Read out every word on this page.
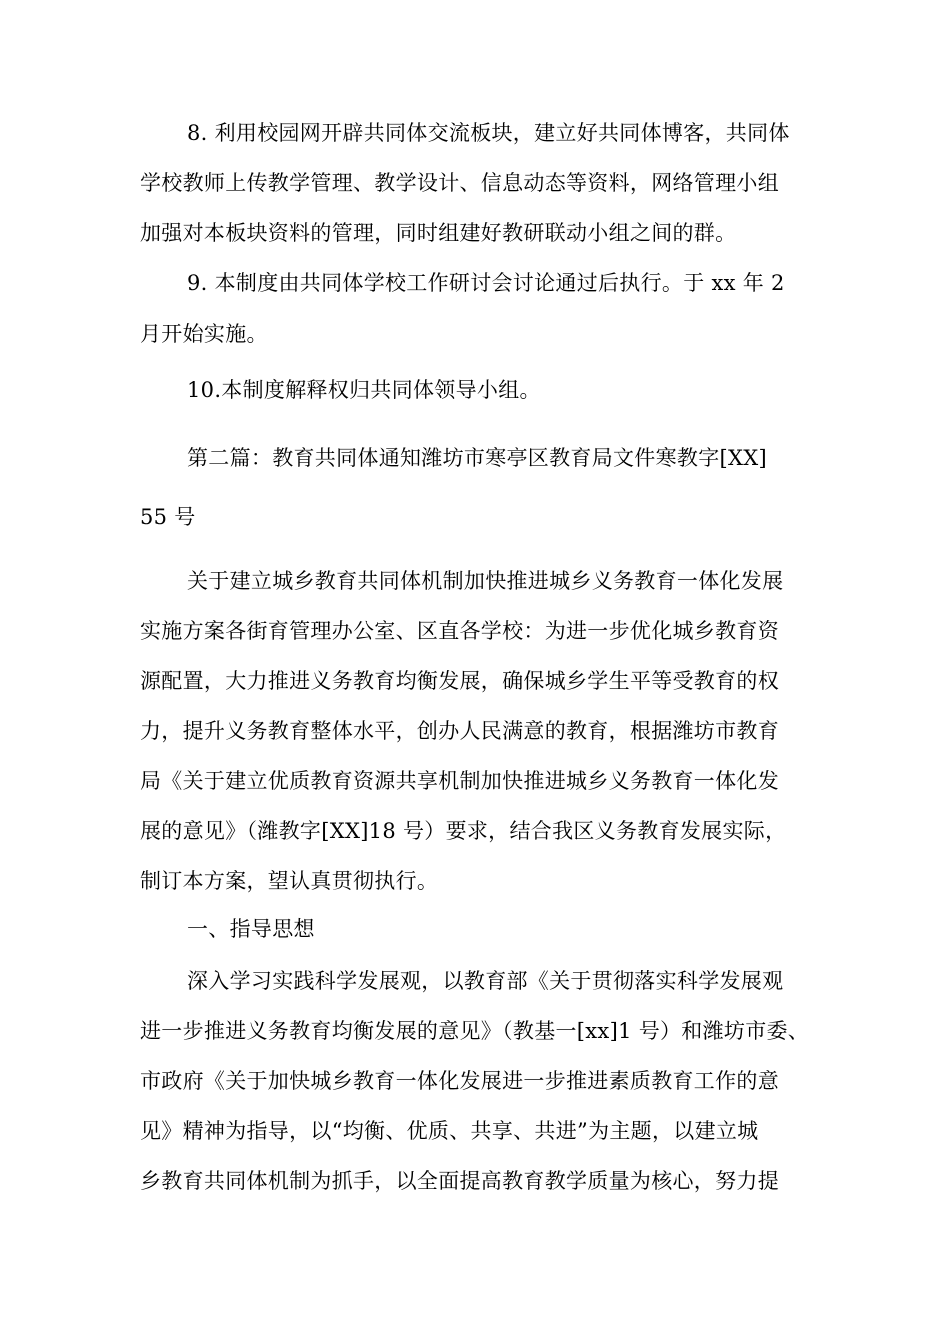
8. 利用校园网开辟共同体交流板块，建立好共同体博客，共同体
学校教师上传教学管理、教学设计、信息动态等资料，网络管理小组
加强对本板块资料的管理，同时组建好教研联动小组之间的群。
9. 本制度由共同体学校工作研讨会讨论通过后执行。于 xx 年 2
月开始实施。
10.本制度解释权归共同体领导小组。
第二篇：教育共同体通知潍坊市寒亭区教育局文件寒教字[XX]
55 号
关于建立城乡教育共同体机制加快推进城乡义务教育一体化发展
实施方案各街育管理办公室、区直各学校：为进一步优化城乡教育资
源配置，大力推进义务教育均衡发展，确保城乡学生平等受教育的权
力，提升义务教育整体水平，创办人民满意的教育，根据潍坊市教育
局《关于建立优质教育资源共享机制加快推进城乡义务教育一体化发
展的意见》（潍教字[XX]18 号）要求，结合我区义务教育发展实际，
制订本方案，望认真贯彻执行。
一、指导思想
深入学习实践科学发展观，以教育部《关于贯彻落实科学发展观
进一步推进义务教育均衡发展的意见》（教基一[xx]1 号）和潍坊市委、
市政府《关于加快城乡教育一体化发展进一步推进素质教育工作的意
见》精神为指导，以“均衡、优质、共享、共进”为主题，以建立城
乡教育共同体机制为抓手，以全面提高教育教学质量为核心，努力提
